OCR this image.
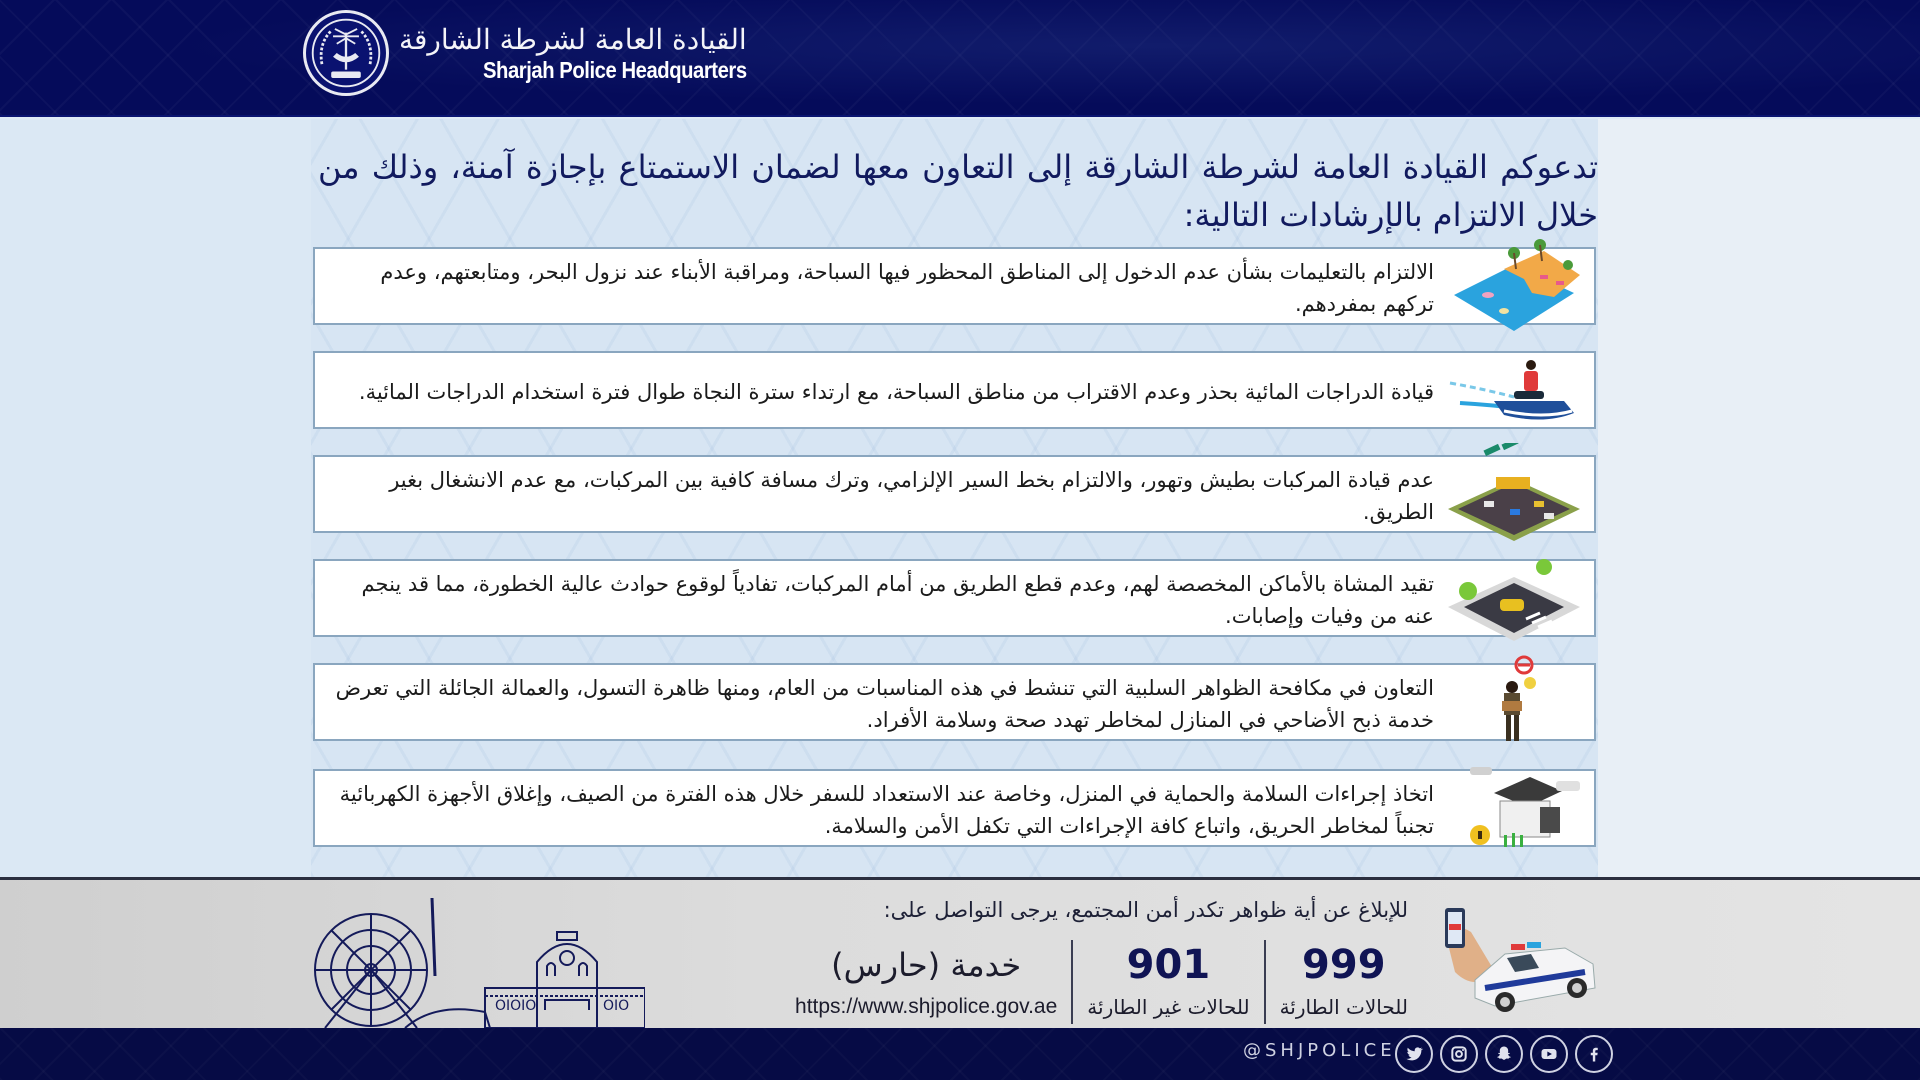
القيادة العامة لشرطة الشارقة
Sharjah Police Headquarters
تدعوكم القيادة العامة لشرطة الشارقة إلى التعاون معها لضمان الاستمتاع بإجازة آمنة، وذلك من خلال الالتزام بالإرشادات التالية:
الالتزام بالتعليمات بشأن عدم الدخول إلى المناطق المحظور فيها السباحة، ومراقبة الأبناء عند نزول البحر، ومتابعتهم، وعدم تركهم بمفردهم.
قيادة الدراجات المائية بحذر وعدم الاقتراب من مناطق السباحة، مع ارتداء سترة النجاة طوال فترة استخدام الدراجات المائية.
عدم قيادة المركبات بطيش وتهور، والالتزام بخط السير الإلزامي، وترك مسافة كافية بين المركبات، مع عدم الانشغال بغير الطريق.
تقيد المشاة بالأماكن المخصصة لهم، وعدم قطع الطريق من أمام المركبات، تفادياً لوقوع حوادث عالية الخطورة، مما قد ينجم عنه من وفيات وإصابات.
التعاون في مكافحة الظواهر السلبية التي تنشط في هذه المناسبات من العام، ومنها ظاهرة التسول، والعمالة الجائلة التي تعرض خدمة ذبح الأضاحي في المنازل لمخاطر تهدد صحة وسلامة الأفراد.
اتخاذ إجراءات السلامة والحماية في المنزل، وخاصة عند الاستعداد للسفر خلال هذه الفترة من الصيف، وإغلاق الأجهزة الكهربائية تجنباً لمخاطر الحريق، واتباع كافة الإجراءات التي تكفل الأمن والسلامة.
OIOIO	OIO
للإبلاغ عن أية ظواهر تكدر أمن المجتمع، يرجى التواصل على:
999
للحالات الطارئة
901
للحالات غير الطارئة
خدمة (حارس)
https://www.shjpolice.gov.ae
@SHJPOLICE
